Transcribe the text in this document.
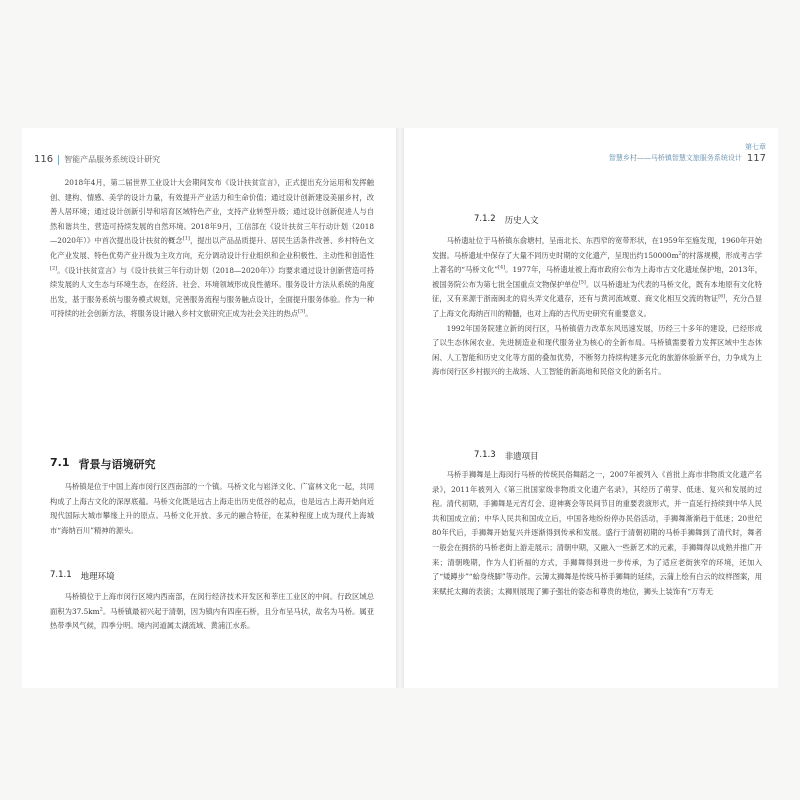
116 智能产品服务系统设计研究

2018年4月，第二届世界工业设计大会期间发布《设计扶贫宣言》，正式提出充分运用和发挥触创、建构、情感、美学的设计力量，有效提升产业活力和生命价值；通过设计创新建设美丽乡村，改善人居环境；通过设计创新引导和培育区域特色产业，支持产业转型升级；通过设计创新促进人与自然和谐共生，营造可持续发展的自然环境。2018年9月，工信部在《设计扶贫三年行动计划（2018—2020年）》中首次提出设计扶贫的概念[1]，提出以产品品质提升、居民生活条件改善、乡村特色文化产业发展、特色优势产业升级为主攻方向，充分调动设计行业组织和企业积极性、主动性和创造性[2]。《设计扶贫宣言》与《设计扶贫三年行动计划（2018—2020年）》均要求通过设计创新营造可持续发展的人文生态与环境生态，在经济、社会、环境领域形成良性循环。服务设计方法从系统的角度出发，基于服务系统与服务模式规划，完善服务流程与服务触点设计，全面提升服务体验。作为一种可持续的社会创新方法，将服务设计融入乡村文旅研究正成为社会关注的热点[3]。

7.1 背景与语境研究

马桥镇是位于中国上海市闵行区西南部的一个镇。马桥文化与崧泽文化、广富林文化一起，共同构成了上海古文化的深厚底蕴。马桥文化既是远古上海走出历史低谷的起点，也是远古上海开始向近现代国际大城市攀缘上升的原点。马桥文化开放、多元的融合特征，在某种程度上成为现代上海城市“海纳百川”精神的源头。

7.1.1 地理环境

马桥镇位于上海市闵行区境内西南部，在闵行经济技术开发区和莘庄工业区的中间。行政区域总面积为$37.5km^2$。马桥镇最初兴起于清朝，因为镇内有四座石桥，且分布呈马状，故名为马桥。属亚热带季风气候，四季分明。境内河道属太湖流域、黄浦江水系。

第七章
智慧乡村——马桥镇智慧文旅服务系统设计 117
7.1.2 历史人文

马桥遗址位于马桥镇东俞塘村，呈南北长、东西窄的宽带形状，在1959年至施发现，1960年开始发掘。马桥遗址中保存了大量不同历史时期的文化遗产，呈现出约$150000m^2$的村落规模，形成考古学上著名的“马桥文化”[4]。1977年，马桥遗址被上海市政府公布为上海市古文化遗址保护地，2013年，被国务院公布为第七批全国重点文物保护单位[5]。以马桥遗址为代表的马桥文化，既有本地原有文化特征，又有来源于浙南闽北的肩头弄文化遗存，还有与黄河流域夏、商文化相互交流的物证[6]，充分凸显了上海文化海纳百川的精髓，也对上海的古代历史研究有重要意义。

1992年国务院建立新的闵行区，马桥镇借力改革东风迅速发展，历经三十多年的建设，已经形成了以生态休闲农业、先进制造业和现代服务业为核心的全新布局。马桥镇需要着力发挥区域中生态休闲、人工智能和历史文化等方面的叠加优势，不断努力持续构建多元化的旅游休验新平台，力争成为上海市闵行区乡村振兴的主战场、人工智能的新高地和民俗文化的新名片。

7.1.3 非遗项目

马桥手狮舞是上海闵行马桥的传统民俗舞蹈之一，2007年被列入《首批上海市非物质文化遗产名录》，2011年被列入《第三批国家级非物质文化遗产名录》，其经历了萌芽、低迷、复兴和发展的过程。清代初期，手狮舞是元宵灯会、迎神赛会等民间节目的重要表演形式，并一直延行持续到中华人民共和国成立前；中华人民共和国成立后，中国各地纷纷停办民俗活动，手狮舞渐渐趋于低迷；20世纪80年代后，手狮舞开始复兴并逐渐得到传承和发展。盛行于清朝初期的马桥手狮舞到了清代时，舞者一般会在拥挤的马桥老街上游走展示；清朝中期，又融入一些新艺术的元素，手狮舞得以成熟并推广开来；清朝晚期，作为人们祈福的方式，手狮舞得到进一步传承，为了适应老街狭窄的环境，还加入了“矮蹲步”“蛤身绕脚”等动作。云簿太狮舞是传统马桥手狮舞的延续，云蒲上绘有白云的纹样图案，用来赋托太狮的表演；太狮则展现了狮子强壮的姿态和尊贵的地位，狮头上装饰有“万寿无
